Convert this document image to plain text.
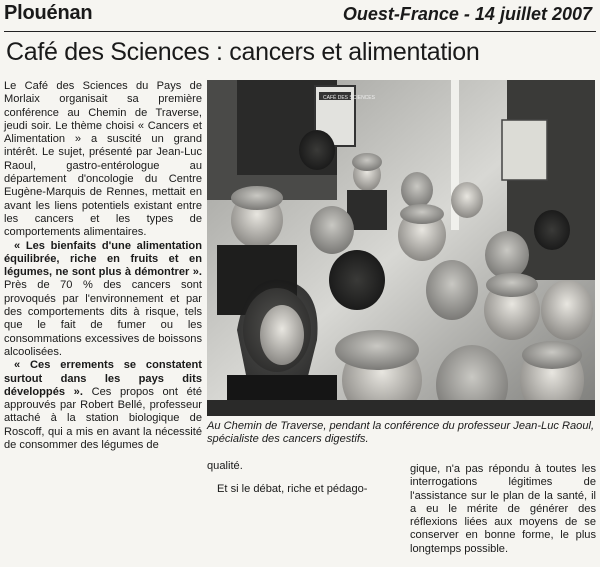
Plouénan	Ouest-France - 14 juillet 2007
Café des Sciences : cancers et alimentation

Le Café des Sciences du Pays de Morlaix organisait sa première conférence au Chemin de Traverse, jeudi soir. Le thème choisi « Cancers et Alimentation » a suscité un grand intérêt. Le sujet, présenté par Jean-Luc Raoul, gastro-entérologue au département d'oncologie du Centre Eugène-Marquis de Rennes, mettait en avant les liens potentiels existant entre les cancers et les types de comportements alimentaires.

« Les bienfaits d'une alimentation équilibrée, riche en fruits et en légumes, ne sont plus à démontrer ». Près de 70 % des cancers sont provoqués par l'environnement et par des comportements dits à risque, tels que le fait de fumer ou les consommations excessives de boissons alcoolisées.

« Ces errements se constatent surtout dans les pays dits développés ». Ces propos ont été approuvés par Robert Bellé, professeur attaché à la station biologique de Roscoff, qui a mis en avant la nécessité de consommer des légumes de

CAFÉ DES SCIENCES
Au Chemin de Traverse, pendant la conférence du professeur Jean-Luc Raoul, spécialiste des cancers digestifs.

qualité.

Et si le débat, riche et pédago-

gique, n'a pas répondu à toutes les interrogations légitimes de l'assistance sur le plan de la santé, il a eu le mérite de générer des réflexions liées aux moyens de se conserver en bonne forme, le plus longtemps possible.
